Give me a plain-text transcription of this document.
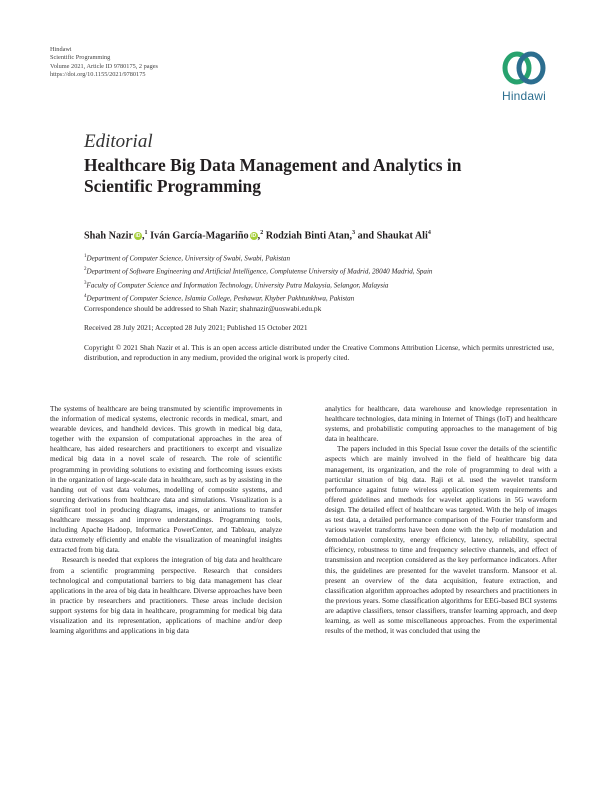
Hindawi
Scientific Programming
Volume 2021, Article ID 9780175, 2 pages
https://doi.org/10.1155/2021/9780175
Hindawi
Editorial
Healthcare Big Data Management and Analytics in Scientific Programming
Shah Nazir iD ,$^1$ Iván García-Magariño iD ,$^2$ Rodziah Binti Atan,$^3$ and Shaukat Ali$^4$
$^1$Department of Computer Science, University of Swabi, Swabi, Pakistan
$^2$Department of Software Engineering and Artificial Intelligence, Complutense University of Madrid, 28040 Madrid, Spain
$^3$Faculty of Computer Science and Information Technology, University Putra Malaysia, Selangor, Malaysia
$^4$Department of Computer Science, Islamia College, Peshawar, Khyber Pakhtunkhwa, Pakistan
Correspondence should be addressed to Shah Nazir; shahnazir@uoswabi.edu.pk
Received 28 July 2021; Accepted 28 July 2021; Published 15 October 2021
Copyright © 2021 Shah Nazir et al. This is an open access article distributed under the Creative Commons Attribution License, which permits unrestricted use, distribution, and reproduction in any medium, provided the original work is properly cited.

The systems of healthcare are being transmuted by scientific improvements in the information of medical systems, electronic records in medical, smart, and wearable devices, and handheld devices. This growth in medical big data, together with the expansion of computational approaches in the area of healthcare, has aided researchers and practitioners to excerpt and visualize medical big data in a novel scale of research. The role of scientific programming in providing solutions to existing and forthcoming issues exists in the organization of large-scale data in healthcare, such as by assisting in the handing out of vast data volumes, modelling of composite systems, and sourcing derivations from healthcare data and simulations. Visualization is a significant tool in producing diagrams, images, or animations to transfer healthcare messages and improve understandings. Programming tools, including Apache Hadoop, Informatica PowerCenter, and Tableau, analyze data extremely efficiently and enable the visualization of meaningful insights extracted from big data.

Research is needed that explores the integration of big data and healthcare from a scientific programming perspective. Research that considers technological and computational barriers to big data management has clear applications in the area of big data in healthcare. Diverse approaches have been in practice by researchers and practitioners. These areas include decision support systems for big data in healthcare, programming for medical big data visualization and its representation, applications of machine and/or deep learning algorithms and applications in big data

analytics for healthcare, data warehouse and knowledge representation in healthcare technologies, data mining in Internet of Things (IoT) and healthcare systems, and probabilistic computing approaches to the management of big data in healthcare.

The papers included in this Special Issue cover the details of the scientific aspects which are mainly involved in the field of healthcare big data management, its organization, and the role of programming to deal with a particular situation of big data. Raji et al. used the wavelet transform performance against future wireless application system requirements and offered guidelines and methods for wavelet applications in 5G waveform design. The detailed effect of healthcare was targeted. With the help of images as test data, a detailed performance comparison of the Fourier transform and various wavelet transforms have been done with the help of modulation and demodulation complexity, energy efficiency, latency, reliability, spectral efficiency, robustness to time and frequency selective channels, and effect of transmission and reception considered as the key performance indicators. After this, the guidelines are presented for the wavelet transform. Mansoor et al. present an overview of the data acquisition, feature extraction, and classification algorithm approaches adopted by researchers and practitioners in the previous years. Some classification algorithms for EEG-based BCI systems are adaptive classifiers, tensor classifiers, transfer learning approach, and deep learning, as well as some miscellaneous approaches. From the experimental results of the method, it was concluded that using the
